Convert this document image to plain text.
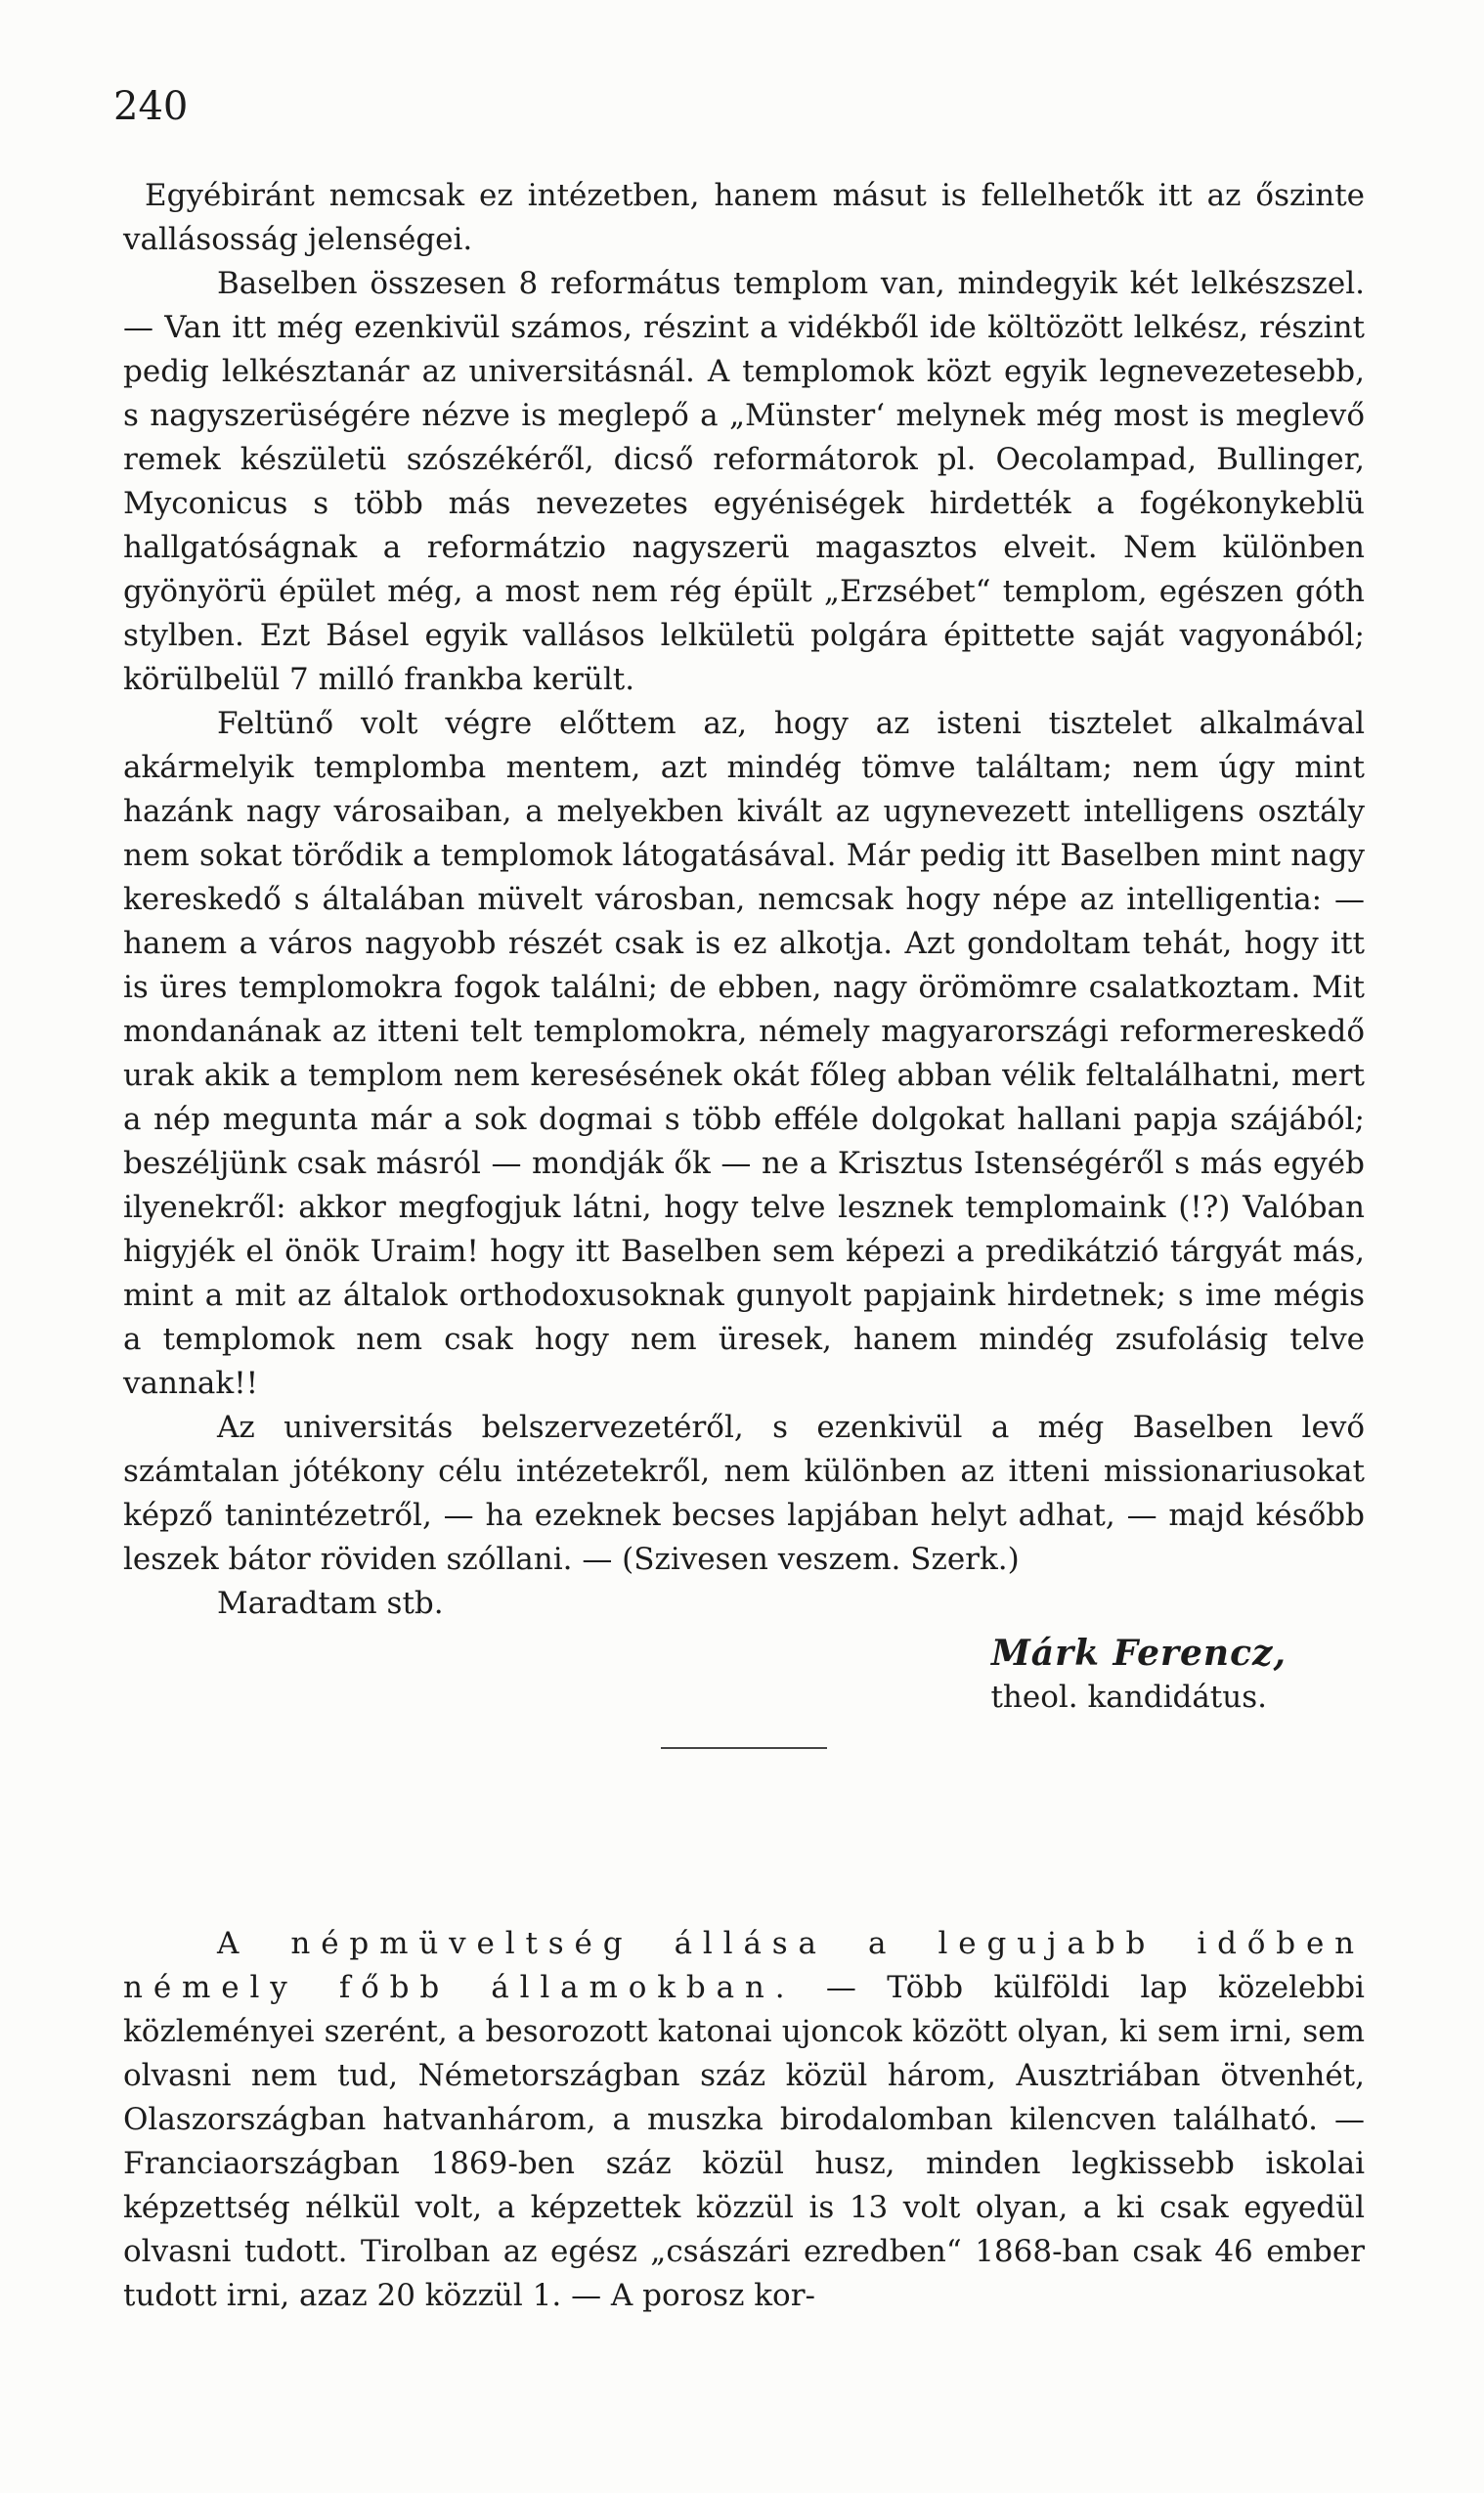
240

Egyébiránt nemcsak ez intézetben, hanem másut is fellelhetők itt az őszinte vallásosság jelenségei.

Baselben összesen 8 református templom van, mindegyik két lelkészszel. — Van itt még ezenkivül számos, részint a vidékből ide költözött lelkész, részint pedig lelkésztanár az universitásnál. A templomok közt egyik legnevezetesebb, s nagyszerüségére nézve is meglepő a „Münster‘ melynek még most is meglevő remek készületü szószékéről, dicső reformátorok pl. Oecolampad, Bullinger, Myconicus s több más nevezetes egyéniségek hirdették a fogékonykeblü hallgatóságnak a reformátzio nagyszerü magasztos elveit. Nem különben gyönyörü épület még, a most nem rég épült „Erzsébet“ templom, egészen góth stylben. Ezt Básel egyik vallásos lelkületü polgára épittette saját vagyonából; körülbelül 7 milló frankba került.

Feltünő volt végre előttem az, hogy az isteni tisztelet alkalmával akármelyik templomba mentem, azt mindég tömve találtam; nem úgy mint hazánk nagy városaiban, a melyekben kivált az ugynevezett intelligens osztály nem sokat törődik a templomok látogatásával. Már pedig itt Baselben mint nagy kereskedő s általában müvelt városban, nemcsak hogy népe az intelligentia: — hanem a város nagyobb részét csak is ez alkotja. Azt gondoltam tehát, hogy itt is üres templomokra fogok találni; de ebben, nagy örömömre csalatkoztam. Mit mondanának az itteni telt templomokra, némely magyarországi reformereskedő urak akik a templom nem keresésének okát főleg abban vélik feltalálhatni, mert a nép megunta már a sok dogmai s több efféle dolgokat hallani papja szájából; beszéljünk csak másról — mondják ők — ne a Krisztus Istenségéről s más egyéb ilyenekről: akkor megfogjuk látni, hogy telve lesznek templomaink (!?) Valóban higyjék el önök Uraim! hogy itt Baselben sem képezi a predikátzió tárgyát más, mint a mit az általok orthodoxusoknak gunyolt papjaink hirdetnek; s ime mégis a templomok nem csak hogy nem üresek, hanem mindég zsufolásig telve vannak!!

Az universitás belszervezetéről, s ezenkivül a még Baselben levő számtalan jótékony célu intézetekről, nem különben az itteni missionariusokat képző tanintézetről, — ha ezeknek becses lapjában helyt adhat, — majd később leszek bátor röviden szóllani. — (Szivesen veszem. Szerk.)

Maradtam stb.
Márk Ferencz,
theol. kandidátus.

A népmüveltség állása a legujabb időben némely főbb államokban. — Több külföldi lap közelebbi közleményei szerént, a besorozott katonai ujoncok között olyan, ki sem irni, sem olvasni nem tud, Németországban száz közül három, Ausztriában ötvenhét, Olaszországban hatvanhárom, a muszka birodalomban kilencven található. — Franciaországban 1869-ben száz közül husz, minden legkissebb iskolai képzettség nélkül volt, a képzettek közzül is 13 volt olyan, a ki csak egyedül olvasni tudott. Tirolban az egész „császári ezredben“ 1868-ban csak 46 ember tudott irni, azaz 20 közzül 1. — A porosz kor-
